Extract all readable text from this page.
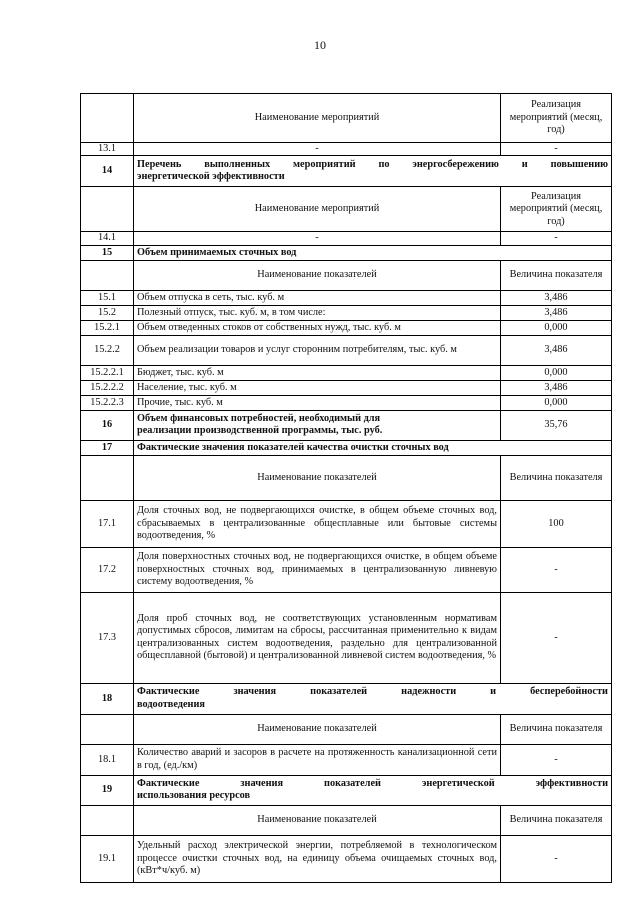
10
	Наименование мероприятий	Реализация мероприятий (месяц, год)
13.1	-	-
14	Перечень выполненных мероприятий по энергосбережению и повышению
энергетической эффективности	
	Наименование мероприятий	Реализация мероприятий (месяц, год)
14.1	-	-
15	Объем принимаемых сточных вод	
	Наименование показателей	Величина показателя
15.1	Объем отпуска в сеть, тыс. куб. м	3,486
15.2	Полезный отпуск, тыс. куб. м, в том числе:	3,486
15.2.1	Объем отведенных стоков от собственных нужд, тыс. куб. м	0,000
15.2.2	Объем реализации товаров и услуг сторонним потребителям, тыс. куб. м	3,486
15.2.2.1	Бюджет, тыс. куб. м	0,000
15.2.2.2	Население, тыс. куб. м	3,486
15.2.2.3	Прочие, тыс. куб. м	0,000
16	Объем финансовых потребностей, необходимый для
реализации производственной программы, тыс. руб.	35,76
17	Фактические значения показателей качества очистки сточных вод	
	Наименование показателей	Величина показателя
17.1	Доля сточных вод, не подвергающихся очистке, в общем объеме сточных вод, сбрасываемых в централизованные общесплавные или бытовые системы водоотведения, %	100
17.2	Доля поверхностных сточных вод, не подвергающихся очистке, в общем объеме поверхностных сточных вод, принимаемых в централизованную ливневую систему водоотведения, %	-
17.3	Доля проб сточных вод, не соответствующих установленным нормативам допустимых сбросов, лимитам на сбросы, рассчитанная применительно к видам централизованных систем водоотведения, раздельно для централизованной общесплавной (бытовой) и централизованной ливневой систем водоотведения, %	-
18	Фактические значения показателей надежности и бесперебойности
водоотведения	
	Наименование показателей	Величина показателя
18.1	Количество аварий и засоров в расчете на протяженность канализационной сети в год, (ед./км)	-
19	Фактические значения показателей энергетической эффективности
использования ресурсов	
	Наименование показателей	Величина показателя
19.1	Удельный расход электрической энергии, потребляемой в технологическом процессе очистки сточных вод, на единицу объема очищаемых сточных вод, (кВт*ч/куб. м)	-
